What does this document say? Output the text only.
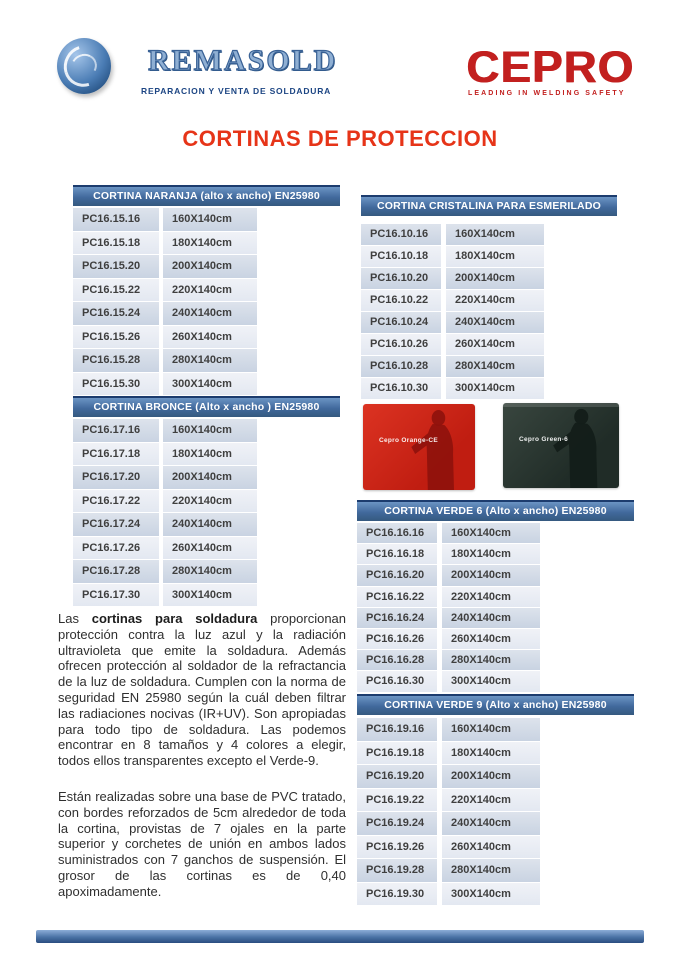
REMASOLD
REPARACION Y VENTA DE SOLDADURA	CEPRO
LEADING IN WELDING SAFETY
CORTINAS DE PROTECCION
CORTINA NARANJA (alto x ancho) EN25980
PC16.15.16	160X140cm
PC16.15.18	180X140cm
PC16.15.20	200X140cm
PC16.15.22	220X140cm
PC16.15.24	240X140cm
PC16.15.26	260X140cm
PC16.15.28	280X140cm
PC16.15.30	300X140cm
CORTINA BRONCE (Alto x ancho ) EN25980
PC16.17.16	160X140cm
PC16.17.18	180X140cm
PC16.17.20	200X140cm
PC16.17.22	220X140cm
PC16.17.24	240X140cm
PC16.17.26	260X140cm
PC16.17.28	280X140cm
PC16.17.30	300X140cm
CORTINA CRISTALINA PARA ESMERILADO
PC16.10.16	160X140cm
PC16.10.18	180X140cm
PC16.10.20	200X140cm
PC16.10.22	220X140cm
PC16.10.24	240X140cm
PC16.10.26	260X140cm
PC16.10.28	280X140cm
PC16.10.30	300X140cm
Cepro Orange-CE	Cepro Green-6
CORTINA VERDE 6 (Alto x ancho) EN25980
PC16.16.16	160X140cm
PC16.16.18	180X140cm
PC16.16.20	200X140cm
PC16.16.22	220X140cm
PC16.16.24	240X140cm
PC16.16.26	260X140cm
PC16.16.28	280X140cm
PC16.16.30	300X140cm
CORTINA VERDE 9 (Alto x ancho) EN25980
PC16.19.16	160X140cm
PC16.19.18	180X140cm
PC16.19.20	200X140cm
PC16.19.22	220X140cm
PC16.19.24	240X140cm
PC16.19.26	260X140cm
PC16.19.28	280X140cm
PC16.19.30	300X140cm

Las cortinas para soldadura proporcionan protección contra la luz azul y la radiación ultravioleta que emite la soldadura. Además ofrecen protección al soldador de la refractancia de la luz de soldadura. Cumplen con la norma de seguridad EN 25980 según la cuál deben filtrar las radiaciones nocivas (IR+UV). Son apropiadas para todo tipo de soldadura. Las podemos encontrar en 8 tamaños y 4 colores a elegir, todos ellos transparentes excepto el Verde-9.

Están realizadas sobre una base de PVC tratado, con bordes reforzados de 5cm alrededor de toda la cortina, provistas de 7 ojales en la parte superior y corchetes de unión en ambos lados suministrados con 7 ganchos de suspensión. El grosor de las cortinas es de 0,40 apoximadamente.
